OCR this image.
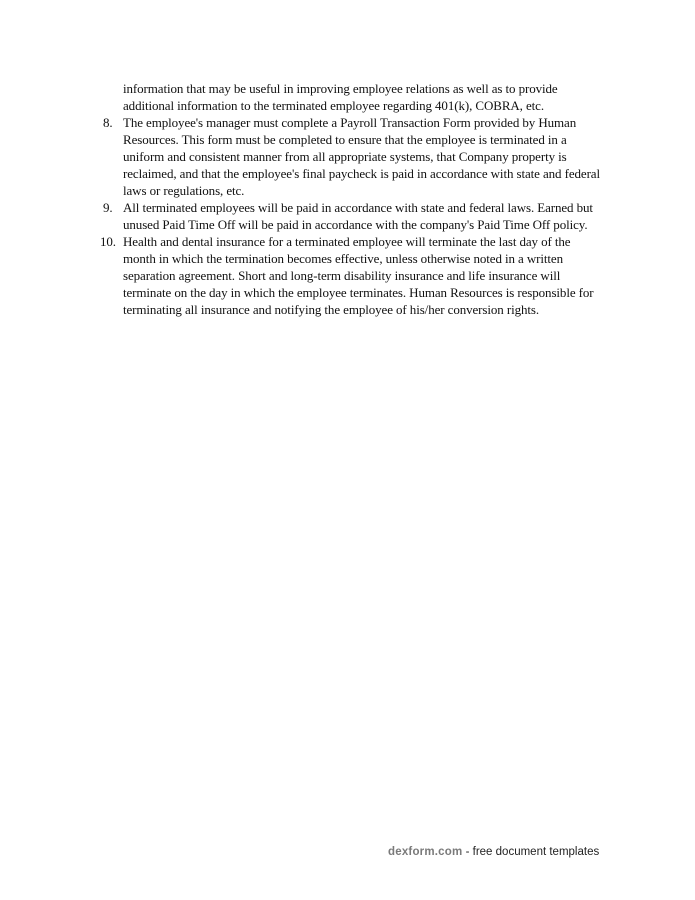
information that may be useful in improving employee relations as well as to provide additional information to the terminated employee regarding 401(k), COBRA, etc.

8. The employee's manager must complete a Payroll Transaction Form provided by Human Resources. This form must be completed to ensure that the employee is terminated in a uniform and consistent manner from all appropriate systems, that Company property is reclaimed, and that the employee's final paycheck is paid in accordance with state and federal laws or regulations, etc.
9. All terminated employees will be paid in accordance with state and federal laws. Earned but unused Paid Time Off will be paid in accordance with the company's Paid Time Off policy.
10. Health and dental insurance for a terminated employee will terminate the last day of the month in which the termination becomes effective, unless otherwise noted in a written separation agreement. Short and long-term disability insurance and life insurance will terminate on the day in which the employee terminates. Human Resources is responsible for terminating all insurance and notifying the employee of his/her conversion rights.
dexform.com - free document templates
